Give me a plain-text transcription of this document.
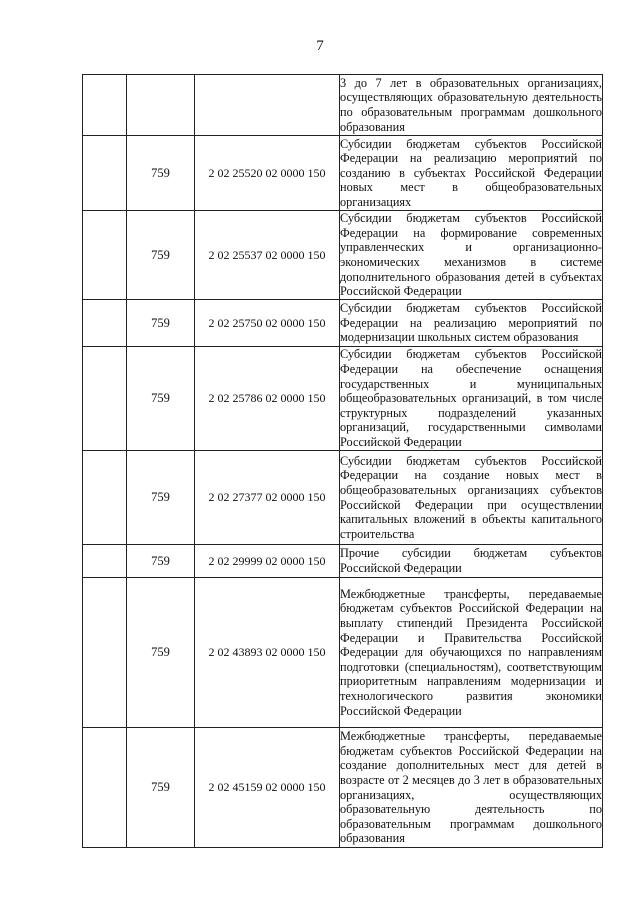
7
			3 до 7 лет в образовательных организациях, осуществляющих образовательную деятельность по образовательным программам дошкольного образования
	759	2 02 25520 02 0000 150	Субсидии бюджетам субъектов Российской Федерации на реализацию мероприятий по созданию в субъектах Российской Федерации новых мест в общеобразовательных организациях
	759	2 02 25537 02 0000 150	Субсидии бюджетам субъектов Российской Федерации на формирование современных управленческих и организационно-экономических механизмов в системе дополнительного образования детей в субъектах Российской Федерации
	759	2 02 25750 02 0000 150	Субсидии бюджетам субъектов Российской Федерации на реализацию мероприятий по модернизации школьных систем образования
	759	2 02 25786 02 0000 150	Субсидии бюджетам субъектов Российской Федерации на обеспечение оснащения государственных и муниципальных общеобразовательных организаций, в том числе структурных подразделений указанных организаций, государственными символами Российской Федерации
	759	2 02 27377 02 0000 150	Субсидии бюджетам субъектов Российской Федерации на создание новых мест в общеобразовательных организациях субъектов Российской Федерации при осуществлении капитальных вложений в объекты капитального строительства
	759	2 02 29999 02 0000 150	Прочие субсидии бюджетам субъектов Российской Федерации
	759	2 02 43893 02 0000 150	Межбюджетные трансферты, передаваемые бюджетам субъектов Российской Федерации на выплату стипендий Президента Российской Федерации и Правительства Российской Федерации для обучающихся по направлениям подготовки (специальностям), соответствующим приоритетным направлениям модернизации и технологического развития экономики Российской Федерации
	759	2 02 45159 02 0000 150	Межбюджетные трансферты, передаваемые бюджетам субъектов Российской Федерации на создание дополнительных мест для детей в возрасте от 2 месяцев до 3 лет в образовательных организациях, осуществляющих образовательную деятельность по образовательным программам дошкольного образования
